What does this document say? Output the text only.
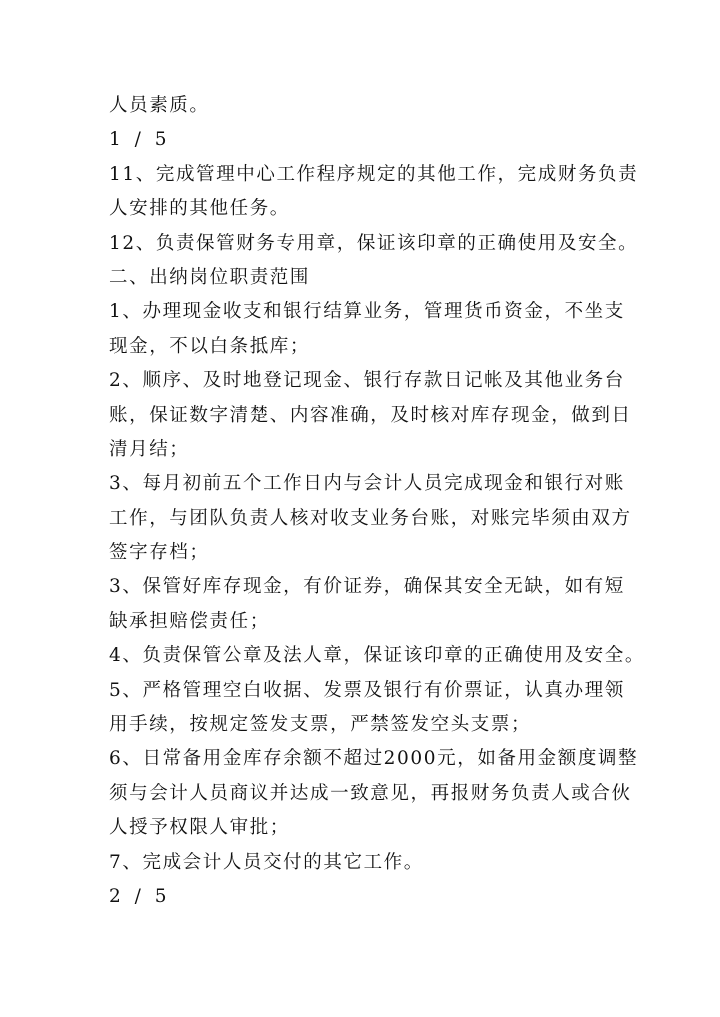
人员素质。
1 / 5
11、完成管理中心工作程序规定的其他工作，完成财务负责
人安排的其他任务。
12、负责保管财务专用章，保证该印章的正确使用及安全。
二、出纳岗位职责范围
1、办理现金收支和银行结算业务，管理货币资金，不坐支
现金，不以白条抵库；
2、顺序、及时地登记现金、银行存款日记帐及其他业务台
账，保证数字清楚、内容准确，及时核对库存现金，做到日
清月结；
3、每月初前五个工作日内与会计人员完成现金和银行对账
工作，与团队负责人核对收支业务台账，对账完毕须由双方
签字存档；
3、保管好库存现金，有价证券，确保其安全无缺，如有短
缺承担赔偿责任；
4、负责保管公章及法人章，保证该印章的正确使用及安全。
5、严格管理空白收据、发票及银行有价票证，认真办理领
用手续，按规定签发支票，严禁签发空头支票；
6、日常备用金库存余额不超过2000元，如备用金额度调整
须与会计人员商议并达成一致意见，再报财务负责人或合伙
人授予权限人审批；
7、完成会计人员交付的其它工作。
2 / 5
